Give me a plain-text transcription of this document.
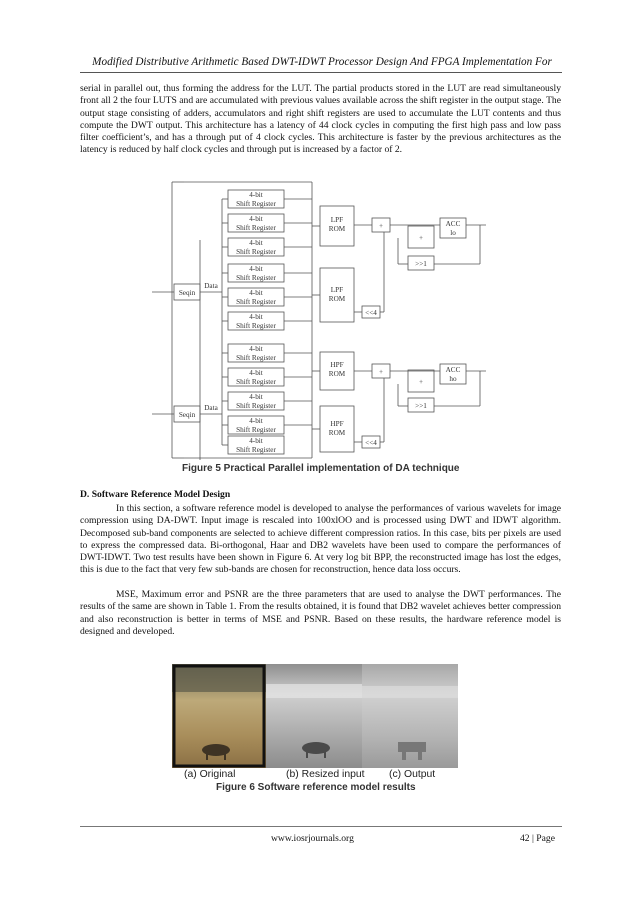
Modified Distributive Arithmetic Based DWT-IDWT Processor Design And FPGA Implementation For

serial in parallel out, thus forming the address for the LUT. The partial products stored in the LUT are read simultaneously front all 2 the four LUTS and are accumulated with previous values available across the shift register in the output stage. The output stage consisting of adders, accumulators and right shift registers are used to accumulate the LUT contents and thus compute the DWT output. This architecture has a latency of 44 clock cycles in computing the first high pass and low pass filter coefficient’s, and has a through put of 4 clock cycles. This architecture is faster by the previous architectures as the latency is reduced by half clock cycles and through put is increased by a factor of 2.

4-bit
Shift Register
4-bit
Shift Register
4-bit
Shift Register
4-bit
Shift Register
4-bit
Shift Register
4-bit
Shift Register
4-bit
Shift Register
4-bit
Shift Register
4-bit
Shift Register
4-bit
Shift Register
4-bit
Shift Register
Seqin
Seqin
Data
Data
LPF
ROM
LPF
ROM
HPF
ROM
HPF
ROM
+
+
+
+
<<4
<<4
>>1
>>1
ACC
lo
ACC
ho
Figure 5 Practical Parallel implementation of DA technique
D. Software Reference Model Design

In this section, a software reference model is developed to analyse the performances of various wavelets for image compression using DA-DWT. Input image is rescaled into 100xlOO and is processed using DWT and IDWT algorithm. Decomposed sub-band components are selected to achieve different compression ratios. In this case, bits per pixels are used to express the compressed data. Bi-orthogonal, Haar and DB2 wavelets have been used to compare the performances of DWT-IDWT. Two test results have been shown in Figure 6. At very log bit BPP, the reconstructed image has lost the edges, this is due to the fact that very few sub-bands are chosen for reconstruction, hence data loss occurs.

MSE, Maximum error and PSNR are the three parameters that are used to analyse the DWT performances. The results of the same are shown in Table 1. From the results obtained, it is found that DB2 wavelet achieves better compression and also reconstruction is better in terms of MSE and PSNR. Based on these results, the hardware reference model is designed and developed.

(a) Original	(b) Resized input (c) Output
Figure 6 Software reference model results
www.iosrjournals.org	42 | Page
